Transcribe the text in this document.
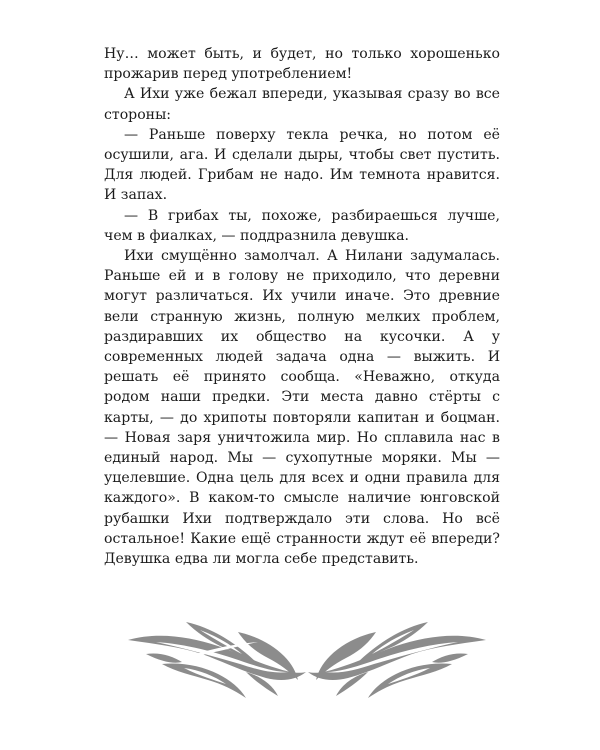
Ну… может быть, и будет, но только хорошенько прожарив перед употреблением!

А Ихи уже бежал впереди, указывая сразу во все стороны:

— Раньше поверху текла речка, но потом её осушили, ага. И сделали дыры, чтобы свет пустить. Для людей. Грибам не надо. Им темнота нравится. И запах.

— В грибах ты, похоже, разбираешься лучше, чем в фиалках, — поддразнила девушка.

Ихи смущённо замолчал. А Нилани задумалась. Раньше ей и в голову не приходило, что деревни могут различаться. Их учили иначе. Это древние вели странную жизнь, полную мелких проблем, раздиравших их общество на кусочки. А у современных людей задача одна — выжить. И решать её принято сообща. «Неважно, откуда родом наши предки. Эти места давно стёрты с карты, — до хрипоты повторяли капитан и боцман. — Новая заря уничтожила мир. Но сплавила нас в единый народ. Мы — сухопутные моряки. Мы — уцелевшие. Одна цель для всех и одни правила для каждого». В каком-то смысле наличие юнговской рубашки Ихи подтверждало эти слова. Но всё остальное! Какие ещё странности ждут её впереди? Девушка едва ли могла себе представить.
